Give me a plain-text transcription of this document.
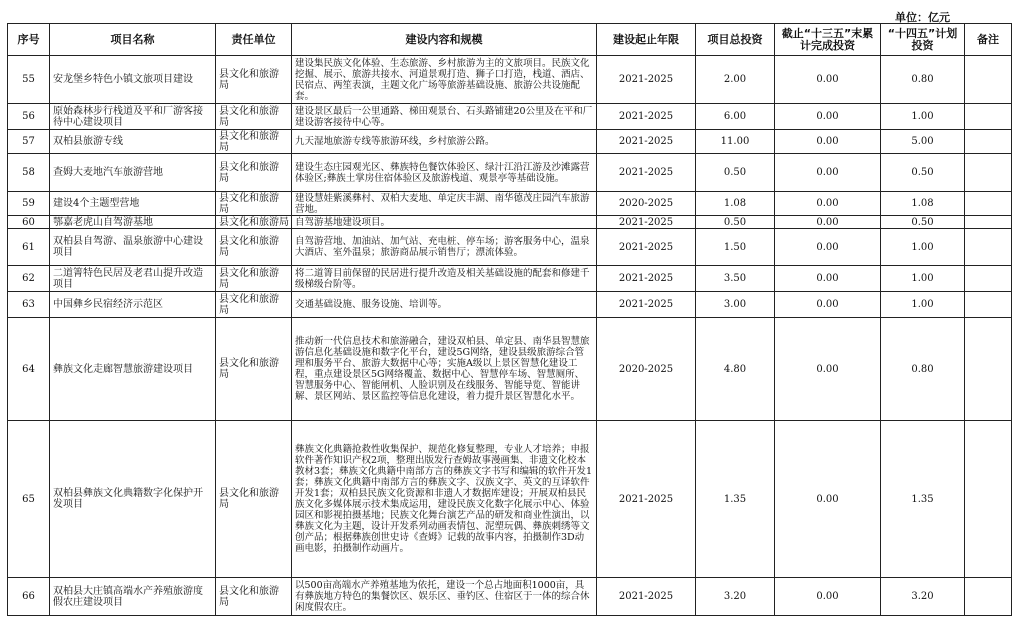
单位：亿元
序号	项目名称	责任单位	建设内容和规模	建设起止年限	项目总投资	截止“十三五”末累计完成投资	“十四五”计划投资	备注
55	安龙堡乡特色小镇文旅项目建设	县文化和旅游局	建设集民族文化体验、生态旅游、乡村旅游为主的文旅项目。民族文化挖掘、展示、旅游共接水、河道景观打造、狮子口打造，栈道、酒店、民宿点、两笙表演，主题文化广场等旅游基础设施、旅游公共设施配套。	2021-2025	2.00	0.00	0.80	
56	原始森林步行栈道及平和厂游客接待中心建设项目	县文化和旅游局	建设景区最后一公里通路、梯田观景台、石头路铺建20公里及在平和厂建设游客接待中心等。	2021-2025	6.00	0.00	1.00	
57	双柏县旅游专线	县文化和旅游局	九天湿地旅游专线等旅游环线，乡村旅游公路。	2021-2025	11.00	0.00	5.00	
58	查姆大麦地汽车旅游营地	县文化和旅游局	建设生态庄园观光区、彝族特色餐饮体验区、绿汁江沿江游及沙滩露营体验区;彝族土掌房住宿体验区及旅游栈道、观景亭等基础设施。	2021-2025	0.50	0.00	0.50	
59	建设4个主题型营地	县文化和旅游局	建设慧娃紫溪彝村、双柏大麦地、单定庆丰湖、南华德茂庄园汽车旅游营地。	2020-2025	1.08	0.00	1.08	
60	鄂嘉老虎山自驾游基地	县文化和旅游局	自驾游基地建设项目。	2021-2025	0.50	0.00	0.50	
61	双柏县自驾游、温泉旅游中心建设项目	县文化和旅游局	自驾游营地、加油站、加气站、充电桩、停车场；游客服务中心，温泉大酒店、室外温泉；旅游商品展示销售厅；漂流体验。	2021-2025	1.50	0.00	1.00	
62	二道箐特色民居及老君山提升改造项目	县文化和旅游局	将二道箐目前保留的民居进行提升改造及相关基础设施的配套和修建千级梯级台阶等。	2021-2025	3.50	0.00	1.00	
63	中国彝乡民宿经济示范区	县文化和旅游局	交通基础设施、服务设施、培训等。	2021-2025	3.00	0.00	1.00	
64	彝族文化走廊智慧旅游建设项目	县文化和旅游局	推动新一代信息技术和旅游融合，建设双柏县、单定县、南华县智慧旅游信息化基础设施和数字化平台，建设5G网络，建设县级旅游综合管理和服务平台、旅游大数据中心等；实施A级以上景区智慧化建设工程，重点建设景区5G网络覆盖、数据中心、智慧停车场、智慧厕所、智慧服务中心、智能闸机、人脸识别及在线服务、智能导览、智能讲解、景区网站、景区监控等信息化建设，着力提升景区智慧化水平。	2020-2025	4.80	0.00	0.80	
65	双柏县彝族文化典籍数字化保护开发项目	县文化和旅游局	彝族文化典籍抢救性收集保护、规范化修复整理，专业人才培养；申报软件著作知识产权2项，整理出版发行查姆故事漫画集、非遗文化校本教材3套；彝族文化典籍中南部方言的彝族文字书写和编辑的软件开发1套；彝族文化典籍中南部方言的彝族文字、汉族文字、英文的互译软件开发1套；双柏县民族文化资源和非遗人才数据库建设；开展双柏县民族文化多媒体展示技术集成运用，建设民族文化数字化展示中心、体验园区和影视拍摄基地；民族文化舞台演艺产品的研发和商业性演出，以彝族文化为主题，设计开发系列动画表情包、泥塑玩偶、彝族刺绣等文创产品；根据彝族创世史诗《查姆》记载的故事内容，拍摄制作3D动画电影，拍摄制作动画片。	2021-2025	1.35	0.00	1.35	
66	双柏县大庄镇高端水产养殖旅游度假农庄建设项目	县文化和旅游局	以500亩高端水产养殖基地为依托，建设一个总占地面积1000亩，具有彝族地方特色的集餐饮区、娱乐区、垂钓区、住宿区于一体的综合休闲度假农庄。	2021-2025	3.20	0.00	3.20	
